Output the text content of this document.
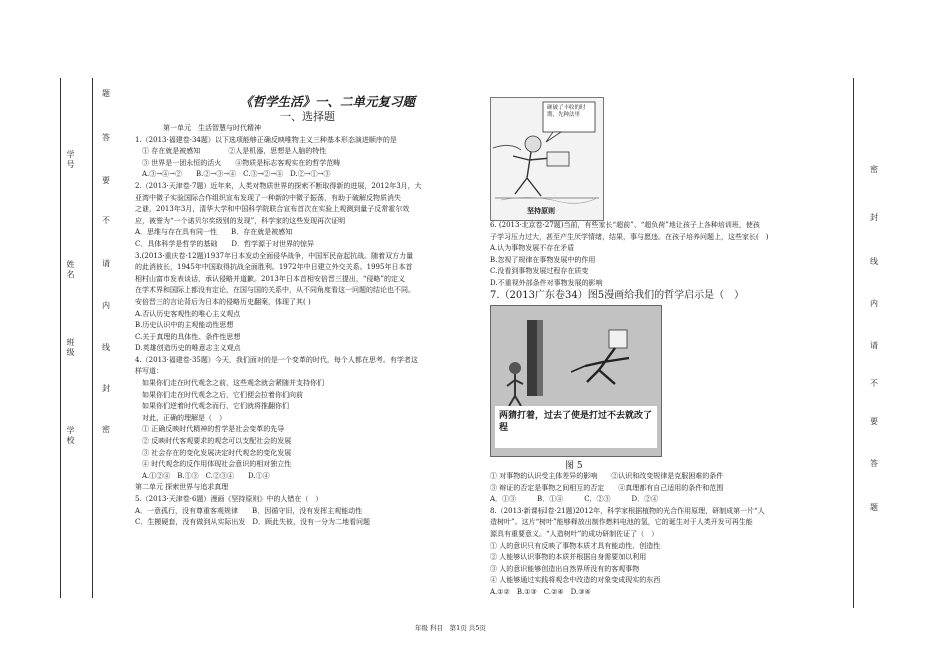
题
答
要
不
请
内
线
封
密
学号
姓名
班级
学校
密
封
线
内
请
不
要
答
题
《哲学生活》一、二单元复习题
一、选择题
第一单元　生活智慧与时代精神
1.（2013·福建卷·34题）以下选项能够正确反映唯物主义三种基本形态演进顺序的是
　① 存在就是被感知　　　　②人是机器，思想是人脑的特性
　③ 世界是一团永恒的活火　　④物质是标志客观实在的哲学范畴
　A.③→④→②　　B.②→③→④　C.③→②→④　D.②→①→③
2.（2013·天津卷·7题）近年来，人类对物质世界的探索不断取得新的进展，2012年3月，大
亚湾中微子实验国际合作组织宣布发现了一种新的中微子振荡，有助于破解反物质消失
之谜，2013年3月，清华大学和中国科学院联合宣布首次在实验上观测到量子反常霍尔效
应，被誉为“一个诺贝尔奖级别的发现”，科学家的这些发现再次证明
A．思维与存在具有同一性　　B．存在就是被感知
C．具体科学是哲学的基础　　D．哲学源于对世界的惊异
3.(2013·重庆卷·12题)1937年日本发动全面侵华战争，中国军民奋起抗战。随着双方力量
的此消彼长，1945年中国取得抗战全面胜利。1972年中日建立外交关系。1995年日本首
相村山富市发表谈话，承认侵略并道歉。2013年日本首相安倍晋三提出，“侵略”的定义
在学术界和国际上都没有定论，在国与国的关系中，从不同角度看这一问题的结论也不同。
安倍晋三的言论背后为日本的侵略历史翻案，体现了其( )
A.否认历史客观性的唯心主义观点
B.历史认识中的主观能动性思想
C.关于真理的具体性、条件性思想
D.英雄创造历史的唯意志主义观点
4.（2013·福建卷·35题）今天，我们面对的是一个变革的时代，每个人都在思考。有学者这
样写道：
　如果你们走在时代观念之前，这些观念就会紧随并支持你们
　如果你们走在时代观念之后，它们便会拉着你们向前
　如果你们逆着时代观念而行，它们就将推翻你们
　对此，正确的理解是（　）
　① 正确反映时代精神的哲学是社会变革的先导
　② 反映时代客观要求的观念可以支配社会的发展
　③ 社会存在的变化发展决定时代观念的变化发展
　④ 时代观念的反作用体现社会意识的相对独立性
　A.①②④　B.①③　C.②③④　　D.①④
第二单元 探索世界与追求真理
5.（2013·天津卷·6题）漫画《坚持原则》中的人错在（　）
A．一意孤行，没有尊重客观规律　　B．因循守旧，没有发挥主观能动性
C．生搬硬套，没有做到从实际出发　D．顾此失彼，没有一分为二地看问题
砸破了丰收的时期，先种法里
坚持原则
6. (2013·北京卷·27题)当前，有些家长“超前”、“超负荷”地让孩子上各种培训班，使孩
子学习压力过大，甚至产生厌学情绪，结果，事与愿违。在孩子培养问题上，这些家长(　)
A.认为事物发展不存在矛盾
B.忽视了规律在事物发展中的作用
C.没看到事物发展过程存在质变
D.不重视外部条件对事物发展的影响
7.（2013广东卷34）图5漫画给我们的哲学启示是（　）
两猜打着，过去了使是打过不去就改了程
图 5
① 对事物的认识受主体差异的影响　　②认识和改变规律是克服困难的条件
③ 辩证的否定是事物之间相互的否定　　④真理都有自己适用的条件和范围
A．①③　　　B．①④　　　C．②③　　　D．②④
8.（2013·新课标Ⅰ卷·21题)2012年，科学家根据植物的光合作用原理，研制成第一片“人
造树叶”。这片“树叶”能够释放出制作燃料电池的氢，它的诞生对于人类开发可再生能
源具有重要意义。“人造树叶”的成功研制佐证了（　）
① 人的意识只有反映了事物本质才具有能动性、创造性
② 人能够认识事物的本质并根据自身需要加以利用
③ 人的意识能够创造出自然界所没有的客观事物
④ 人能够通过实践将观念中改造的对象变成现实的东西
A.①②　B.①③　C.②④　D.③④
年级 科目　第1页 共5页
